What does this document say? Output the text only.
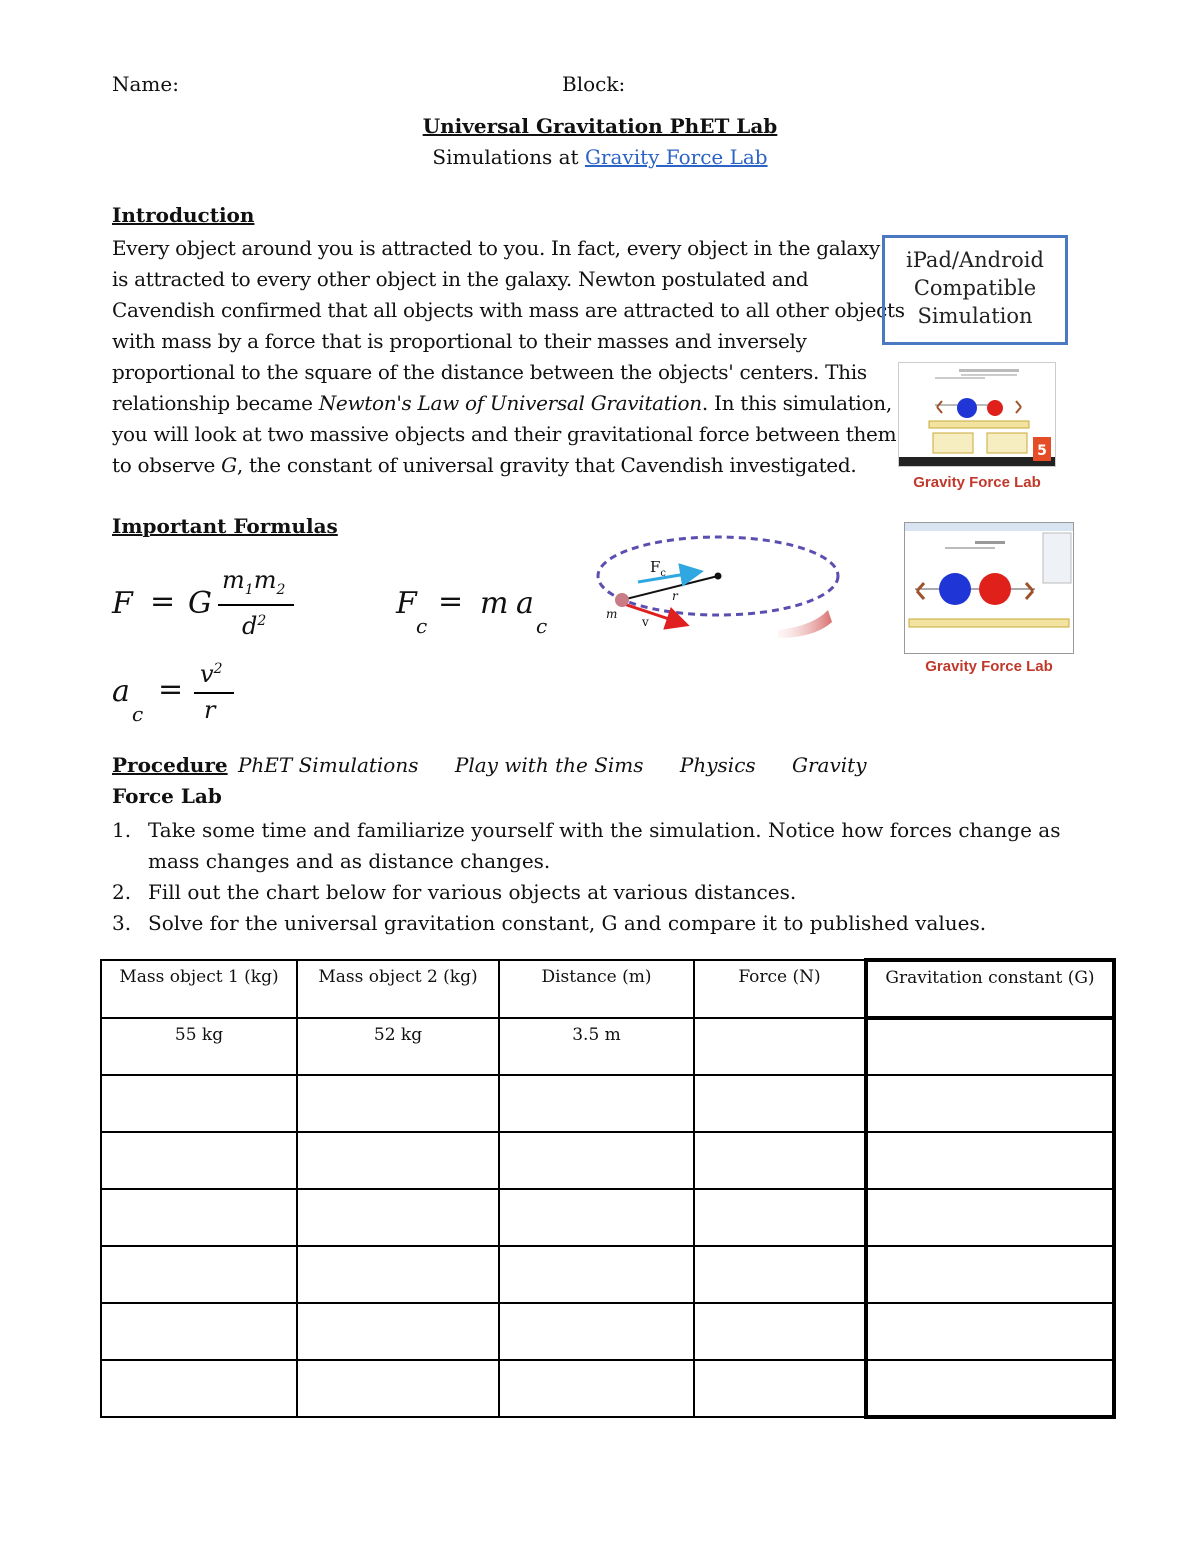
Name:	Block:
Universal Gravitation PhET Lab
Simulations at Gravity Force Lab
Introduction

Every object around you is attracted to you. In fact, every object in the galaxy

is attracted to every other object in the galaxy. Newton postulated and

Cavendish confirmed that all objects with mass are attracted to all other objects

with mass by a force that is proportional to their masses and inversely

proportional to the square of the distance between the objects' centers. This

relationship became Newton's Law of Universal Gravitation. In this simulation,

you will look at two massive objects and their gravitational force between them

to observe G, the constant of universal gravity that Cavendish investigated.

iPad/Android
Compatible
Simulation
5
Gravity Force Lab
Gravity Force Lab
Important Formulas
F = G
$m_1m_2$
$d^2$	F
c
= m a
c
a
c
= $v^2$
r
$F_c$
r
m
v
Procedure PhET Simulations Play with the Sims Physics Gravity
Force Lab
1. Take some time and familiarize yourself with the simulation. Notice how forces change as mass changes and as distance changes.
2. Fill out the chart below for various objects at various distances.
3. Solve for the universal gravitation constant, G and compare it to published values.
Mass object 1 (kg)	Mass object 2 (kg)	Distance (m)	Force (N)	Gravitation constant (G)
55 kg	52 kg	3.5 m		
